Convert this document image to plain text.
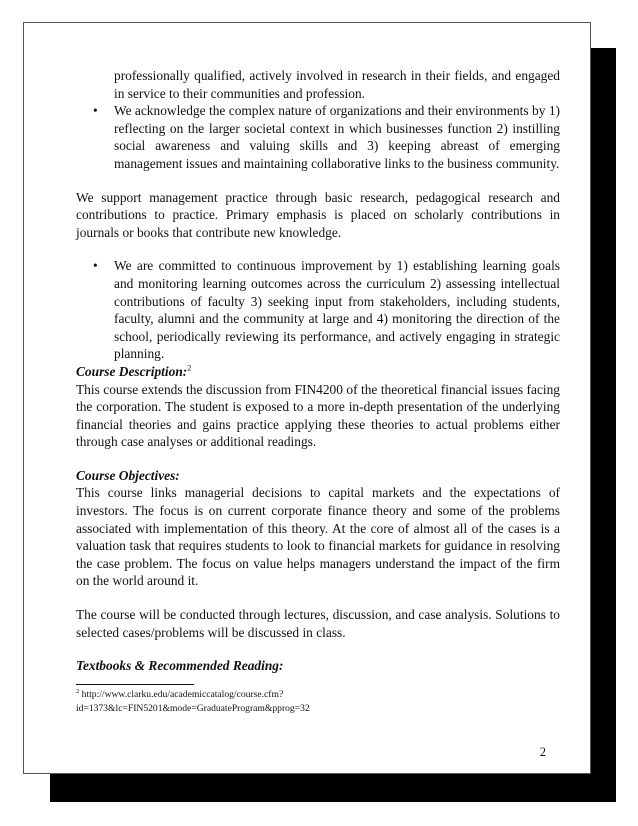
professionally qualified, actively involved in research in their fields, and engaged in service to their communities and profession.

• We acknowledge the complex nature of organizations and their environments by 1) reflecting on the larger societal context in which businesses function 2) instilling social awareness and valuing skills and 3) keeping abreast of emerging management issues and maintaining collaborative links to the business community.

We support management practice through basic research, pedagogical research and contributions to practice. Primary emphasis is placed on scholarly contributions in journals or books that contribute new knowledge.

• We are committed to continuous improvement by 1) establishing learning goals and monitoring learning outcomes across the curriculum 2) assessing intellectual contributions of faculty 3) seeking input from stakeholders, including students, faculty, alumni and the community at large and 4) monitoring the direction of the school, periodically reviewing its performance, and actively engaging in strategic planning.

Course Description:$^2$

This course extends the discussion from FIN4200 of the theoretical financial issues facing the corporation. The student is exposed to a more in-depth presentation of the underlying financial theories and gains practice applying these theories to actual problems either through case analyses or additional readings.

Course Objectives:

This course links managerial decisions to capital markets and the expectations of investors. The focus is on current corporate finance theory and some of the problems associated with implementation of this theory. At the core of almost all of the cases is a valuation task that requires students to look to financial markets for guidance in resolving the case problem. The focus on value helps managers understand the impact of the firm on the world around it.

The course will be conducted through lectures, discussion, and case analysis. Solutions to selected cases/problems will be discussed in class.

Textbooks & Recommended Reading:

$^2$ http://www.clarku.edu/academiccatalog/course.cfm?
id=1373&lc=FIN5201&mode=GraduateProgram&pprog=32
2
